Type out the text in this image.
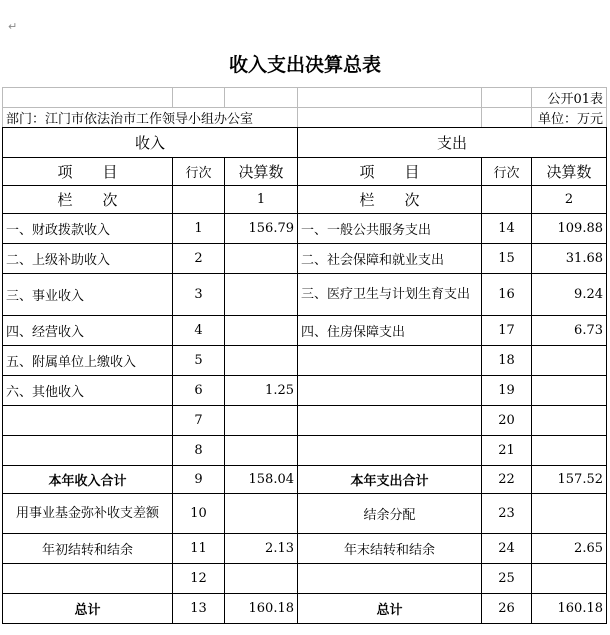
↵
收入支出决算总表
					公开01表
部门：江门市依法治市工作领导小组办公室					单位：万元
收入			支出		
项　　目	行次	决算数	项　　目	行次	决算数
栏　　次		1	栏　　次		2
一、财政拨款收入	1	156.79	一、一般公共服务支出	14	109.88
二、上级补助收入	2		二、社会保障和就业支出	15	31.68
三、事业收入	3		三、医疗卫生与计划生育支出	16	9.24
四、经营收入	4		四、住房保障支出	17	6.73
五、附属单位上缴收入	5			18	
六、其他收入	6	1.25		19	
	7			20	
	8			21	
本年收入合计	9	158.04	本年支出合计	22	157.52
用事业基金弥补收支差额	10		结余分配	23	
年初结转和结余	11	2.13	年末结转和结余	24	2.65
	12			25	
总计	13	160.18	总计	26	160.18
